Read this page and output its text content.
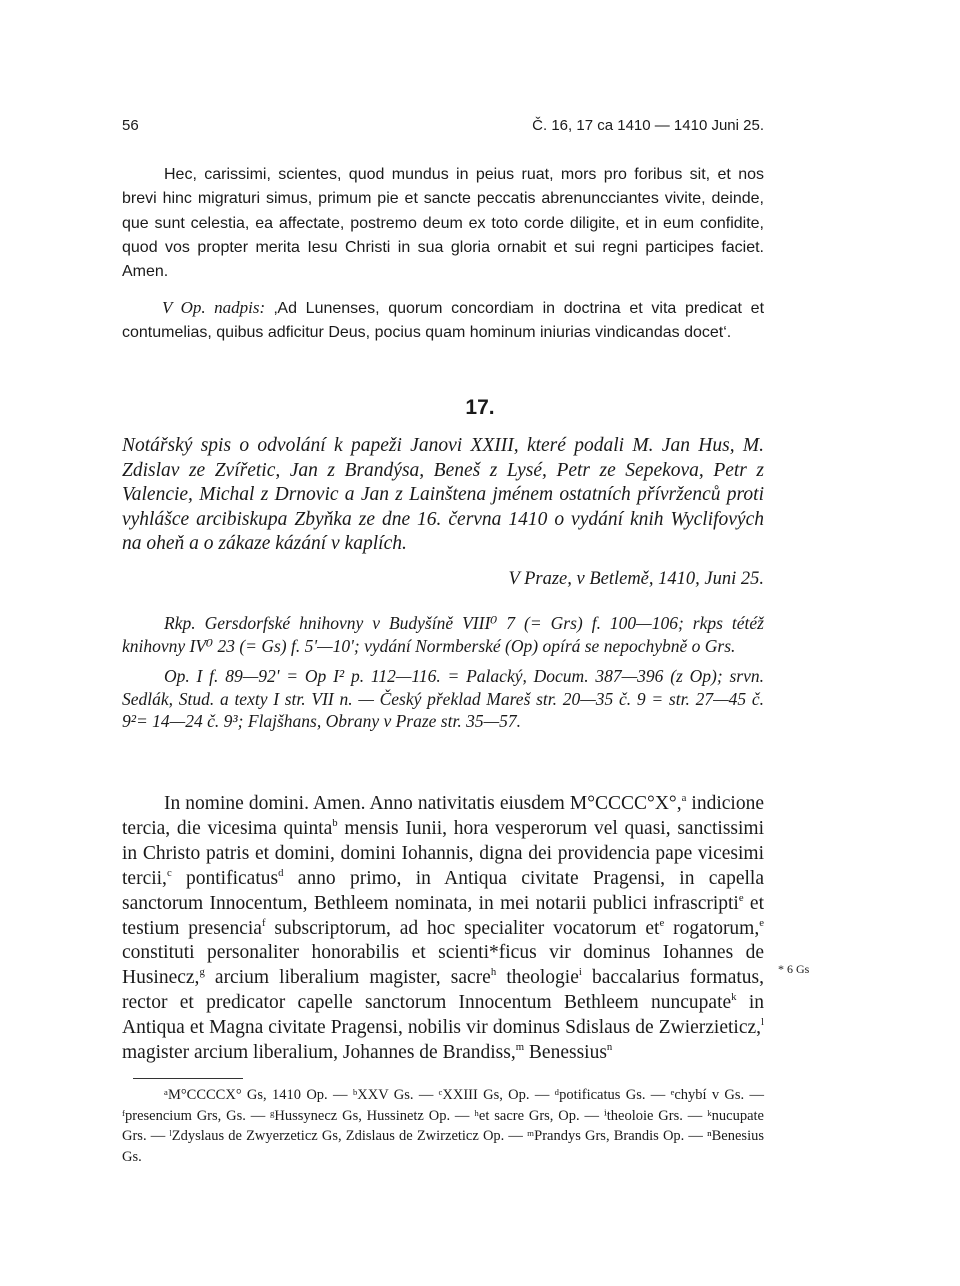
56	Č. 16, 17 ca 1410 — 1410 Juni 25.

Hec, carissimi, scientes, quod mundus in peius ruat, mors pro foribus sit, et nos brevi hinc migraturi simus, primum pie et sancte peccatis abrenuncciantes vivite, deinde, que sunt celestia, ea affectate, postremo deum ex toto corde diligite, et in eum confidite, quod vos propter merita Iesu Christi in sua gloria ornabit et sui regni participes faciet. Amen.

V Op. nadpis: ‚Ad Lunenses, quorum concordiam in doctrina et vita predicat et contumelias, quibus adficitur Deus, pocius quam hominum iniurias vindicandas docet‘.

17.

Notářský spis o odvolání k papeži Janovi XXIII, které podali M. Jan Hus, M. Zdislav ze Zvířetic, Jan z Brandýsa, Beneš z Lysé, Petr ze Sepekova, Petr z Valencie, Michal z Drnovic a Jan z Lainštena jménem ostatních přívrženců proti vyhlášce arcibiskupa Zbyňka ze dne 16. června 1410 o vydání knih Wyclifových na oheň a o zákaze kázání v kaplích.

V Praze, v Betlemě, 1410, Juni 25.

Rkp. Gersdorfské hnihovny v Budyšíně VIII⁰ 7 (= Grs) f. 100—106; rkps tétéž knihovny IV⁰ 23 (= Gs) f. 5'—10'; vydání Normberské (Op) opírá se nepochybně o Grs.

Op. I f. 89—92' = Op I² p. 112—116. = Palacký, Docum. 387—396 (z Op); srvn. Sedlák, Stud. a texty I str. VII n. — Český překlad Mareš str. 20—35 č. 9 = str. 27—45 č. 9²= 14—24 č. 9³; Flajšhans, Obrany v Praze str. 35—57.

In nomine domini. Amen. Anno nativitatis eiusdem M°CCCC°X°,$^a$ indicione tercia, die vicesima quinta$^b$ mensis Iunii, hora vesperorum vel quasi, sanctissimi in Christo patris et domini, domini Iohannis, digna dei providencia pape vicesimi tercii,$^c$ pontificatus$^d$ anno primo, in Antiqua civitate Pragensi, in capella sanctorum Innocentum, Bethleem nominata, in mei notarii publici infrascripti$^e$ et testium presencia$^f$ subscriptorum, ad hoc specialiter vocatorum $et^e$ rogatorum,$^e$ constituti personaliter honorabilis et scienti*ficus vir dominus Iohannes de Husinecz,$^g$ arcium liberalium magister, sacre$^h$ theologie$^i$ baccalarius formatus, rector et predicator capelle sanctorum Innocentum Bethleem nuncupate$^k$ in Antiqua et Magna civitate Pragensi, nobilis vir dominus Sdislaus de Zwierzieticz,$^l$ magister arcium liberalium, Johannes de Brandiss,$^m$ Benessius$^n$

* 6 Gs

ᵃM°CCCCX° Gs, 1410 Op. — ᵇXXV Gs. — ᶜXXIII Gs, Op. — ᵈpotificatus Gs. — ᵉchybí v Gs. — ᶠpresencium Grs, Gs. — ᵍHussynecz Gs, Hussinetz Op. — ʰet sacre Grs, Op. — ⁱtheoloie Grs. — ᵏnucupate Grs. — ˡZdyslaus de Zwyerzeticz Gs, Zdislaus de Zwirzeticz Op. — ᵐPrandys Grs, Brandis Op. — ⁿBenesius Gs.
